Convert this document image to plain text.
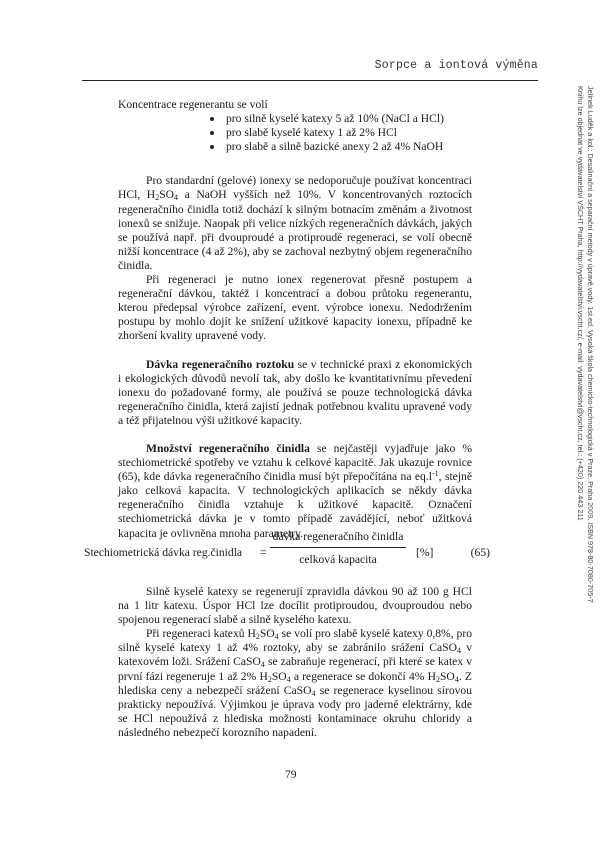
Sorpce a iontová výměna
Jelínek Luděk a kol.: Desalinační a separační metody v úpravě vody. 1st ed. Vysoká škola chemicko-technologická v Praze, Praha 2009. ISBN 978-80-7080-705-7
Knihu lze objednat ve vydavatelství VŠCHT Praha, http://vydavatelstvi.vscht.cz/, e-mail: vydavatelstvi@vscht.cz, tel.: (+420) 220 443 211

Koncentrace regenerantu se volí

pro silně kyselé katexy 5 až 10% (NaCl a HCl)
pro slabě kyselé katexy 1 až 2% HCl
pro slabě a silně bazické anexy 2 až 4% NaOH

Pro standardní (gelové) ionexy se nedoporučuje používat koncentraci HCl, $H_2SO_4$ a NaOH vyšších než 10%. V koncentrovaných roztocích regeneračního činidla totiž dochází k silným botnacím změnám a životnost ionexů se snižuje. Naopak při velice nízkých regeneračních dávkách, jakých se používá např. při dvouproudé a protiproudé regeneraci, se volí obecně nižší koncentrace (4 až 2%), aby se zachoval nezbytný objem regeneračního činidla.

Při regeneraci je nutno ionex regenerovat přesně postupem a regenerační dávkou, taktéž i koncentrací a dobou průtoku regenerantu, kterou předepsal výrobce zařízení, event. výrobce ionexu. Nedodržením postupu by mohlo dojít ke snížení užitkové kapacity ionexu, případně ke zhoršení kvality upravené vody.

Dávka regeneračního roztoku se v technické praxi z ekonomických i ekologických důvodů nevolí tak, aby došlo ke kvantitativnímu převedení ionexu do požadované formy, ale používá se pouze technologická dávka regeneračního činidla, která zajistí jednak potřebnou kvalitu upravené vody a též přijatelnou výši užitkové kapacity.

Množství regeneračního činidla se nejčastěji vyjadřuje jako % stechiometrické spotřeby ve vztahu k celkové kapacitě. Jak ukazuje rovnice (65), kde dávka regeneračního činidla musí být přepočítána na $eq.l^{-1}$, stejně jako celková kapacita. V technologických aplikacích se někdy dávka regeneračního činidla vztahuje k užitkové kapacitě. Označení stechiometrická dávka je v tomto případě zavádějící, neboť užitková kapacita je ovlivněna mnoha parametry.

Stechiometrická dávka reg.činidla =
dávka regeneračního činidla
celková kapacita
[%]	(65)

Silně kyselé katexy se regenerují zpravidla dávkou 90 až 100 g HCl na 1 litr katexu. Úspor HCl lze docílit protiproudou, dvouproudou nebo spojenou regenerací slabě a silně kyselého katexu.

Při regeneraci katexů $H_2SO_4$ se volí pro slabě kyselé katexy 0,8%, pro silně kyselé katexy 1 až 4% roztoky, aby se zabránilo srážení CaSO$_4$ v katexovém loži. Srážení CaSO$_4$ se zabraňuje regenerací, při které se katex v první fázi regeneruje 1 až 2% $H_2SO_4$ a regenerace se dokončí 4% $H_2SO_4$. Z hlediska ceny a nebezpečí srážení CaSO$_4$ se regenerace kyselinou sírovou prakticky nepoužívá. Výjimkou je úprava vody pro jaderné elektrárny, kde se HCl nepoužívá z hlediska možnosti kontaminace okruhu chloridy a následného nebezpečí korozního napadení.

79
